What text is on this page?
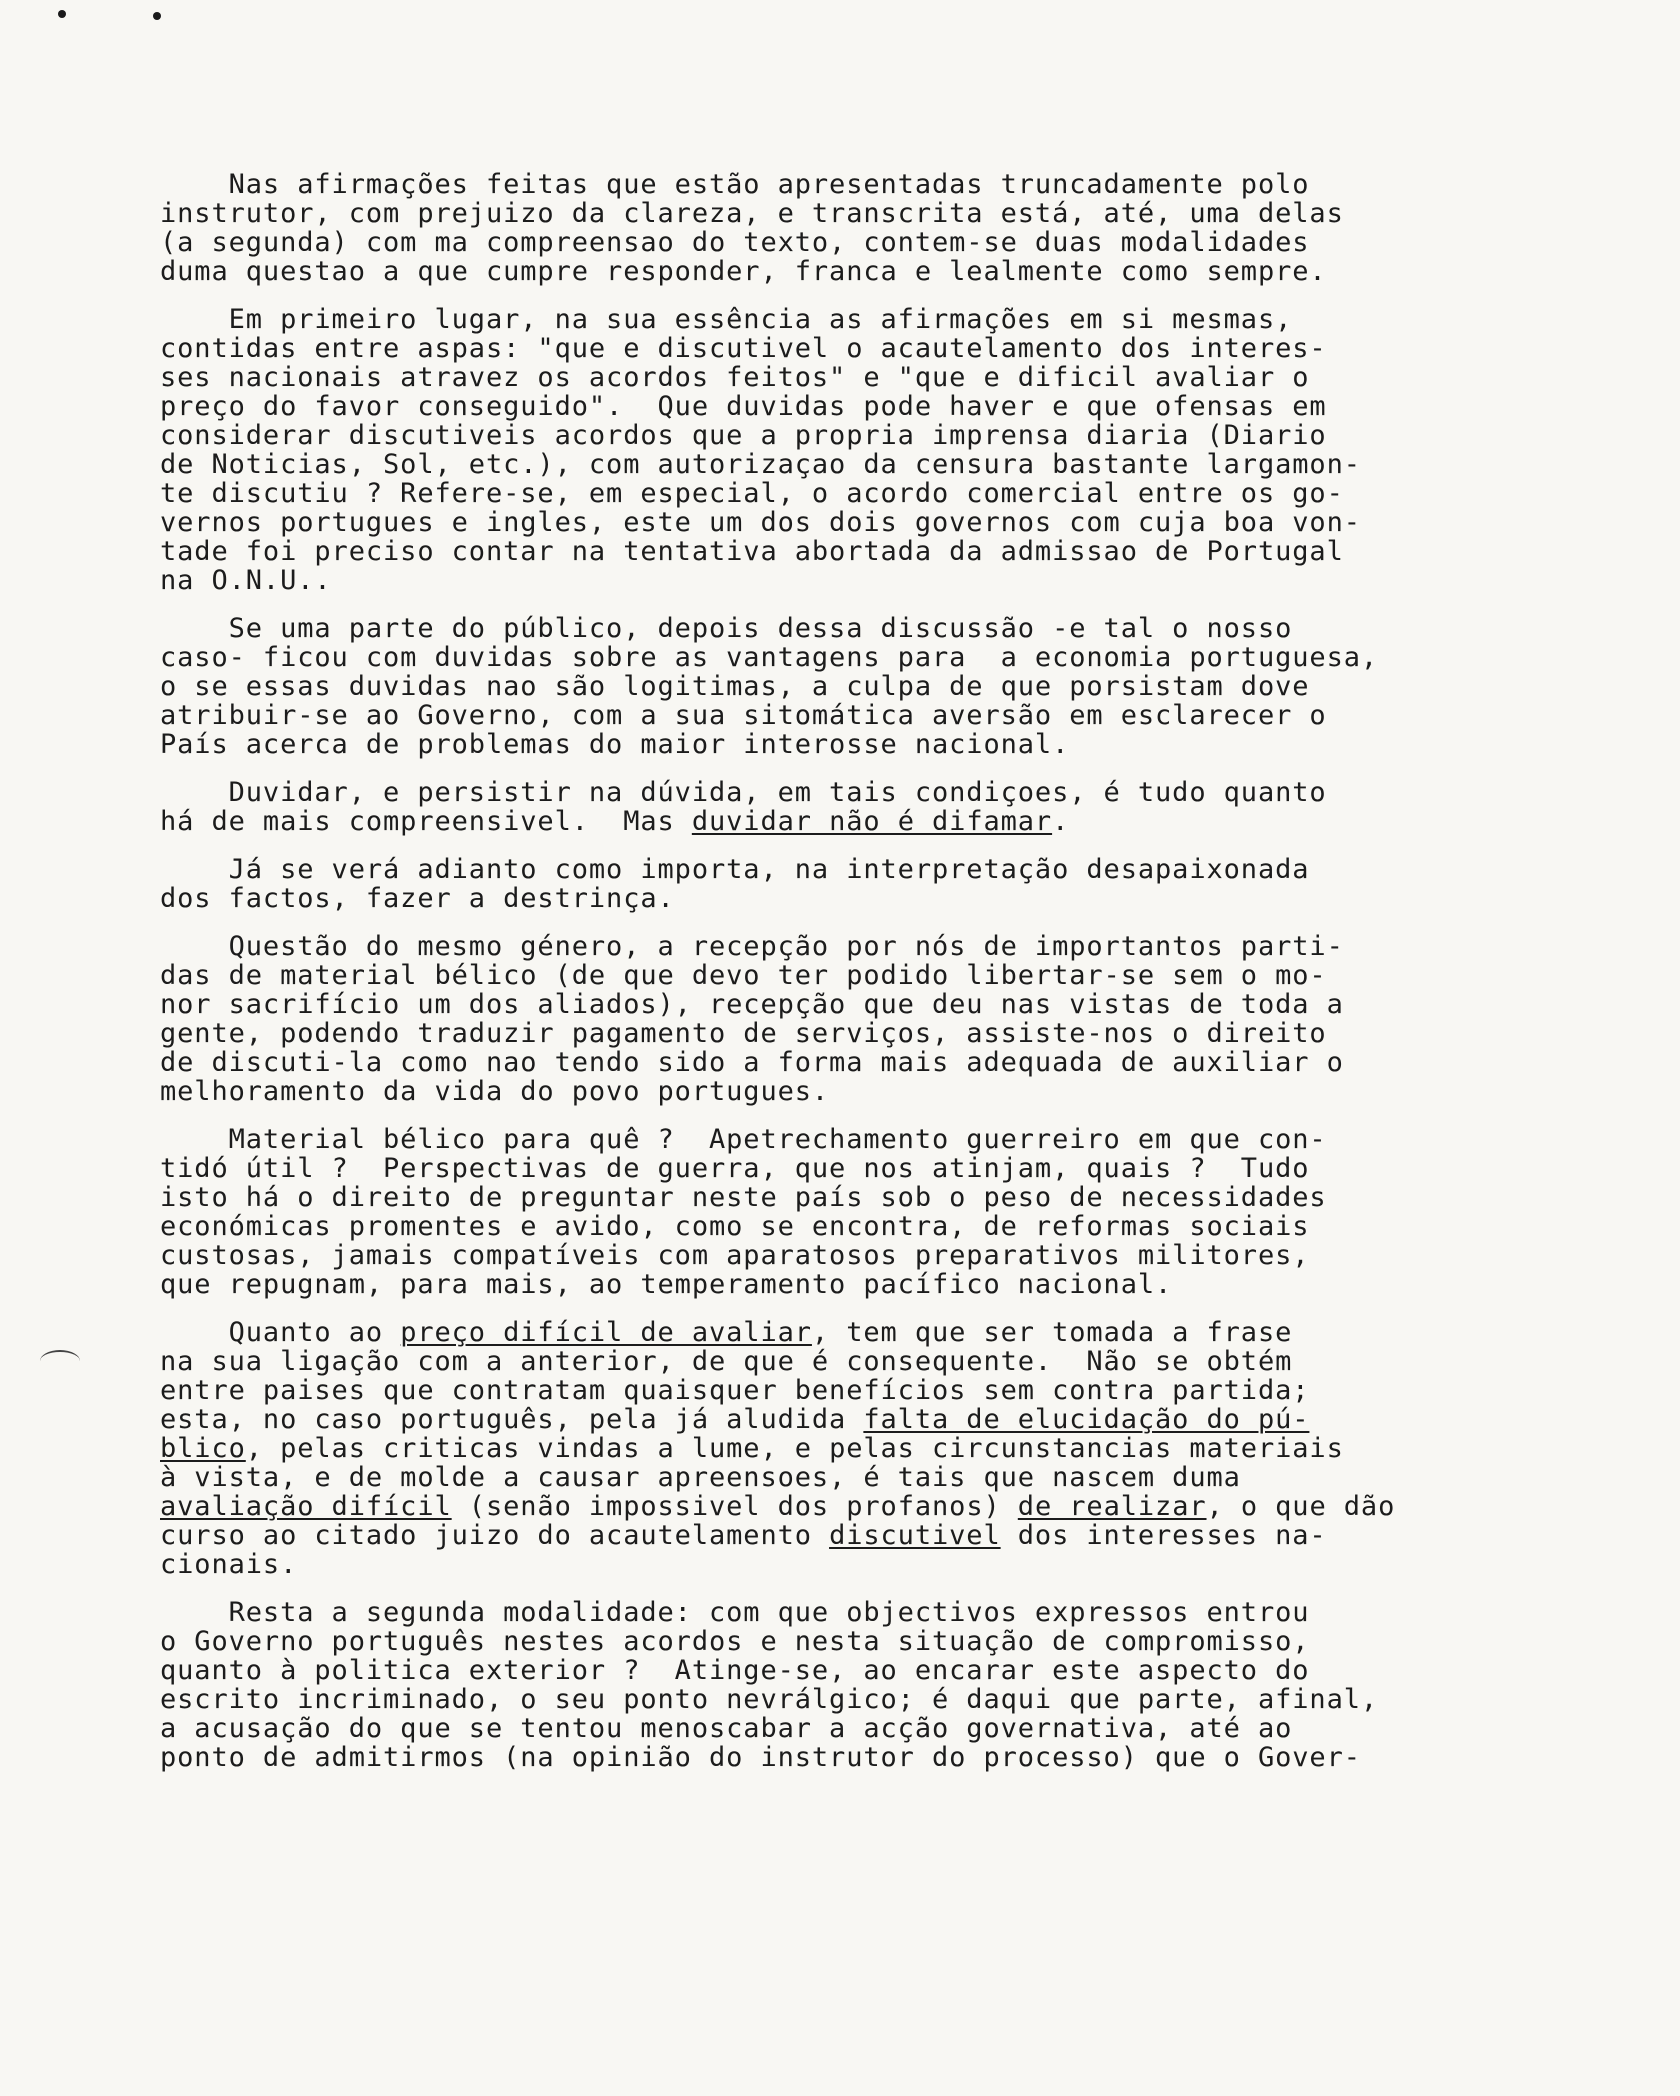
Nas afirmações feitas que estão apresentadas truncadamente polo
instrutor, com prejuizo da clareza, e transcrita está, até, uma delas
(a segunda) com ma compreensao do texto, contem-se duas modalidades
duma questao a que cumpre responder, franca e lealmente como sempre.
Em primeiro lugar, na sua essência as afirmações em si mesmas,
contidas entre aspas: "que e discutivel o acautelamento dos interes-
ses nacionais atravez os acordos feitos" e "que e dificil avaliar o
preço do favor conseguido".  Que duvidas pode haver e que ofensas em
considerar discutiveis acordos que a propria imprensa diaria (Diario
de Noticias, Sol, etc.), com autorizaçao da censura bastante largamon-
te discutiu ? Refere-se, em especial, o acordo comercial entre os go-
vernos portugues e ingles, este um dos dois governos com cuja boa von-
tade foi preciso contar na tentativa abortada da admissao de Portugal
na O.N.U..
Se uma parte do público, depois dessa discussão -e tal o nosso
caso- ficou com duvidas sobre as vantagens para  a economia portuguesa,
o se essas duvidas nao são logitimas, a culpa de que porsistam dove
atribuir-se ao Governo, com a sua sitomática aversão em esclarecer o
País acerca de problemas do maior interosse nacional.
Duvidar, e persistir na dúvida, em tais condiçoes, é tudo quanto
há de mais compreensivel.  Mas duvidar não é difamar.
Já se verá adianto como importa, na interpretação desapaixonada
dos factos, fazer a destrinça.
Questão do mesmo género, a recepção por nós de importantos parti-
das de material bélico (de que devo ter podido libertar-se sem o mo-
nor sacrifício um dos aliados), recepção que deu nas vistas de toda a
gente, podendo traduzir pagamento de serviços, assiste-nos o direito
de discuti-la como nao tendo sido a forma mais adequada de auxiliar o
melhoramento da vida do povo portugues.
Material bélico para quê ?  Apetrechamento guerreiro em que con-
tidó útil ?  Perspectivas de guerra, que nos atinjam, quais ?  Tudo
isto há o direito de preguntar neste país sob o peso de necessidades
económicas promentes e avido, como se encontra, de reformas sociais
custosas, jamais compatíveis com aparatosos preparativos militores,
que repugnam, para mais, ao temperamento pacífico nacional.
Quanto ao preço difícil de avaliar, tem que ser tomada a frase
na sua ligação com a anterior, de que é consequente.  Não se obtém
entre paises que contratam quaisquer benefícios sem contra partida;
esta, no caso português, pela já aludida falta de elucidação do pú-
blico, pelas criticas vindas a lume, e pelas circunstancias materiais
à vista, e de molde a causar apreensoes, é tais que nascem duma
avaliação difícil (senão impossivel dos profanos) de realizar, o que dão
curso ao citado juizo do acautelamento discutivel dos interesses na-
cionais.
Resta a segunda modalidade: com que objectivos expressos entrou
o Governo português nestes acordos e nesta situação de compromisso,
quanto à politica exterior ?  Atinge-se, ao encarar este aspecto do
escrito incriminado, o seu ponto nevrálgico; é daqui que parte, afinal,
a acusação do que se tentou menoscabar a acção governativa, até ao
ponto de admitirmos (na opinião do instrutor do processo) que o Gover-
